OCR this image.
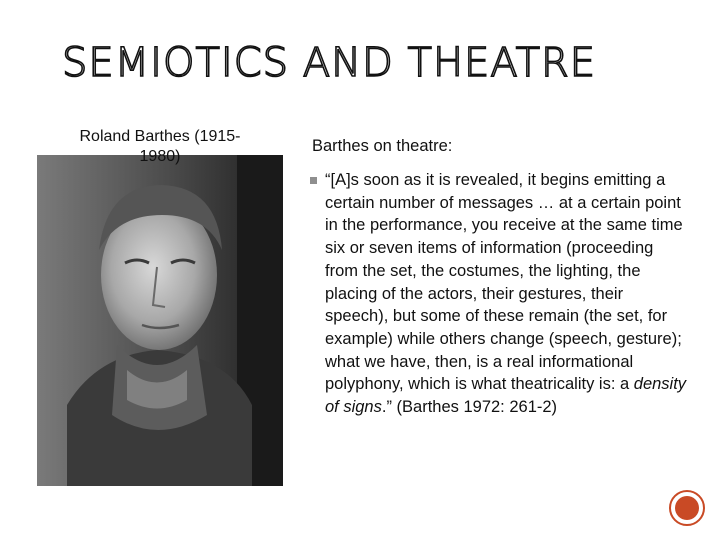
SEMIOTICS AND THEATRE
Roland Barthes (1915-1980)
Barthes on theatre:
“[A]s soon as it is revealed, it begins emitting a certain number of messages … at a certain point in the performance, you receive at the same time six or seven items of information (proceeding from the set, the costumes, the lighting, the placing of the actors, their gestures, their speech), but some of these remain (the set, for example) while others change (speech, gesture); what we have, then, is a real informational polyphony, which is what theatricality is: a density of signs.” (Barthes 1972: 261-2)
